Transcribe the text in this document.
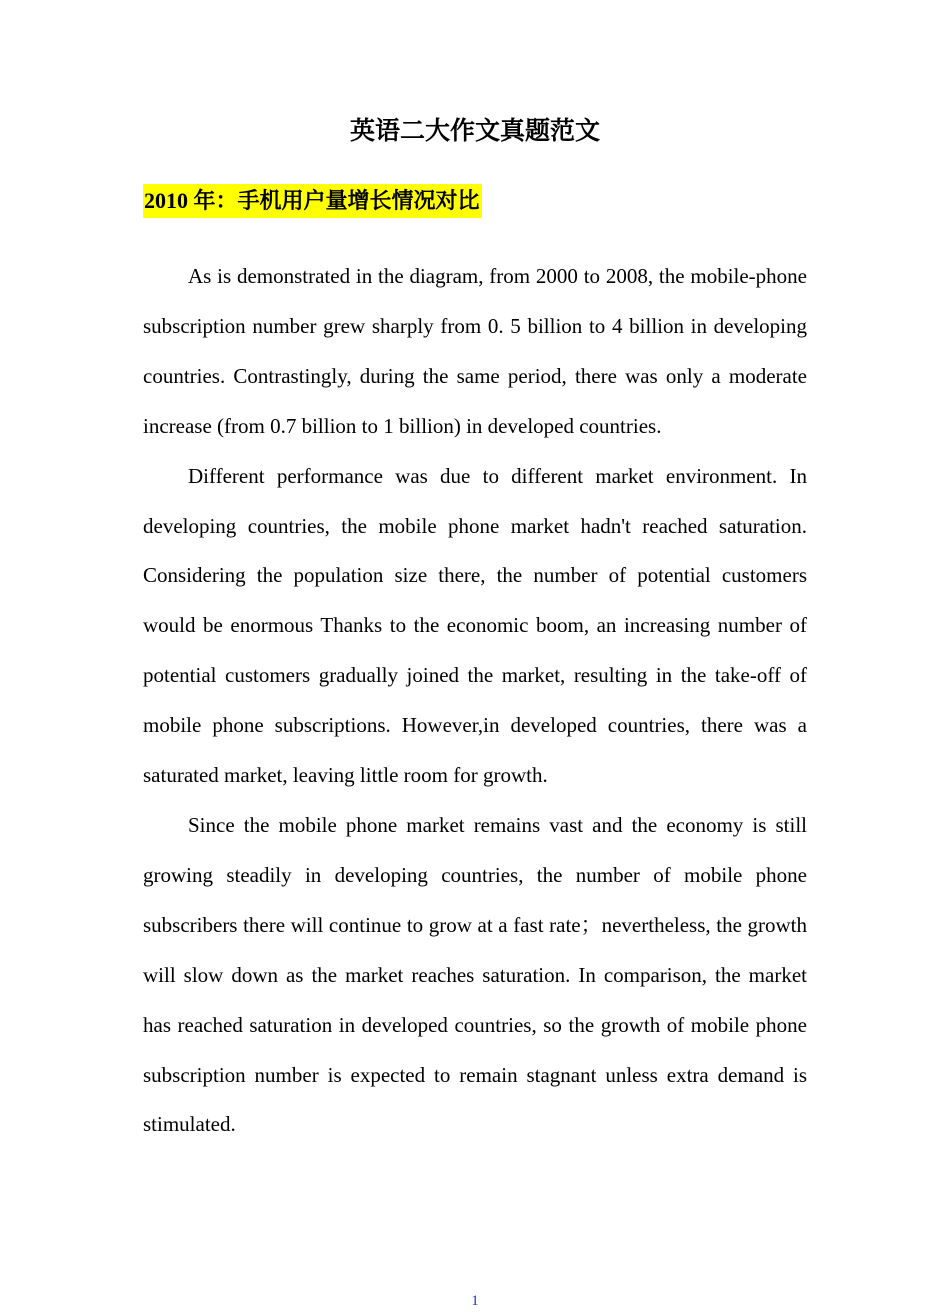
英语二大作文真题范文
2010 年：手机用户量增长情况对比

As is demonstrated in the diagram, from 2000 to 2008, the mobile-phone subscription number grew sharply from 0. 5 billion to 4 billion in developing countries. Contrastingly, during the same period, there was only a moderate increase (from 0.7 billion to 1 billion) in developed countries.

Different performance was due to different market environment. In developing countries, the mobile phone market hadn't reached saturation. Considering the population size there, the number of potential customers would be enormous Thanks to the economic boom, an increasing number of potential customers gradually joined the market, resulting in the take-off of mobile phone subscriptions. However,in developed countries, there was a saturated market, leaving little room for growth.

Since the mobile phone market remains vast and the economy is still growing steadily in developing countries, the number of mobile phone subscribers there will continue to grow at a fast rate；nevertheless, the growth will slow down as the market reaches saturation. In comparison, the market has reached saturation in developed countries, so the growth of mobile phone subscription number is expected to remain stagnant unless extra demand is stimulated.

1
